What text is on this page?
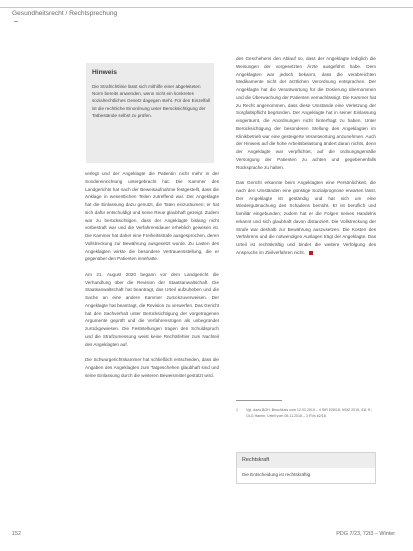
Gesundheitsrecht / Rechtsprechung
Hinweis
Die Strafrichtlinie lässt sich mithilfe einer abgeleiteten Norm bereits anwenden, wenn nicht ein konkretes sozialrechtliches Gesetz dagegen steht. Für den Einzelfall ist die rechtliche Einordnung unter Berücksichtigung der Tatbestände selbst zu prüfen.

verlegt und der Angeklagte die Patientin nicht mehr in der Sondereinrichtung untergebracht hat. Die Kammer des Landgerichts hat nach der Beweisaufnahme festgestellt, dass die Anklage in wesentlichen Teilen zutreffend war. Der Angeklagte hat die Einlassung dazu genutzt, die Taten einzuräumen; er hat sich dafür entschuldigt und seine Reue glaubhaft gezeigt. Zudem war zu berücksichtigen, dass der Angeklagte bislang nicht vorbestraft war und die Verfahrensdauer erheblich gewesen ist. Die Kammer hat daher eine Freiheitsstrafe ausgesprochen, deren Vollstreckung zur Bewährung ausgesetzt wurde. Zu Lasten des Angeklagten wirkte die besondere Vertrauensstellung, die er gegenüber den Patienten innehatte.

Am 21. August 2020 begann vor dem Landgericht die Verhandlung über die Revision der Staatsanwaltschaft. Die Staatsanwaltschaft hat beantragt, das Urteil aufzuheben und die Sache an eine andere Kammer zurückzuverweisen. Der Angeklagte hat beantragt, die Revision zu verwerfen. Das Gericht hat den Sachverhalt unter Berücksichtigung der vorgetragenen Argumente geprüft und die Verfahrensrügen als unbegründet zurückgewiesen. Die Feststellungen tragen den Schuldspruch und die Strafzumessung weist keine Rechtsfehler zum Nachteil des Angeklagten auf.

Die Schwurgerichtskammer hat schließlich entschieden, dass die Angaben des Angeklagten zum Tatgeschehen glaubhaft sind und seine Einlassung durch die weiteren Beweismittel gestützt wird.

des Geschehens den Ablauf so, dass der Angeklagte lediglich die Weisungen der vorgesetzten Ärzte ausgeführt habe. Dem Angeklagten war jedoch bekannt, dass die verabreichten Medikamente nicht der ärztlichen Verordnung entsprachen. Der Angeklagte hat die Verantwortung für die Dosierung übernommen und die Überwachung der Patienten vernachlässigt. Die Kammer hat zu Recht angenommen, dass diese Umstände eine Verletzung der Sorgfaltspflicht begründen. Der Angeklagte hat in seiner Einlassung eingeräumt, die Anordnungen nicht hinterfragt zu haben. Unter Berücksichtigung der besonderen Stellung des Angeklagten im Klinikbetrieb war eine gesteigerte Verantwortung anzunehmen. Auch der Hinweis auf die hohe Arbeitsbelastung ändert daran nichts, denn der Angeklagte war verpflichtet, auf die ordnungsgemäße Versorgung der Patienten zu achten und gegebenenfalls Rücksprache zu halten.

Das Gericht erkannte beim Angeklagten eine Persönlichkeit, die nach den Umständen eine günstige Sozialprognose erwarten lässt. Der Angeklagte ist geständig und hat sich um eine Wiedergutmachung des Schadens bemüht. Er ist beruflich und familiär eingebunden; zudem hat er die Folgen seines Handelns erkannt und sich glaubhaft davon distanziert. Die Vollstreckung der Strafe war deshalb zur Bewährung auszusetzen. Die Kosten des Verfahrens und die notwendigen Auslagen trägt der Angeklagte. Das Urteil ist rechtskräftig und bindet die weitere Verfolgung des Anspruchs im Zivilverfahren nicht.

1	Vgl. dazu BGH, Beschluss vom 12.03.2019 – 4 StR 528/18, NStZ 2019, 411 ff.; OLG Hamm, Urteil vom 05.11.2018 – 3 RVs 62/18.
Rechtskraft
Die Entscheidung ist rechtskräftig.
152	PDG 7/23, 72t3 – Winter
